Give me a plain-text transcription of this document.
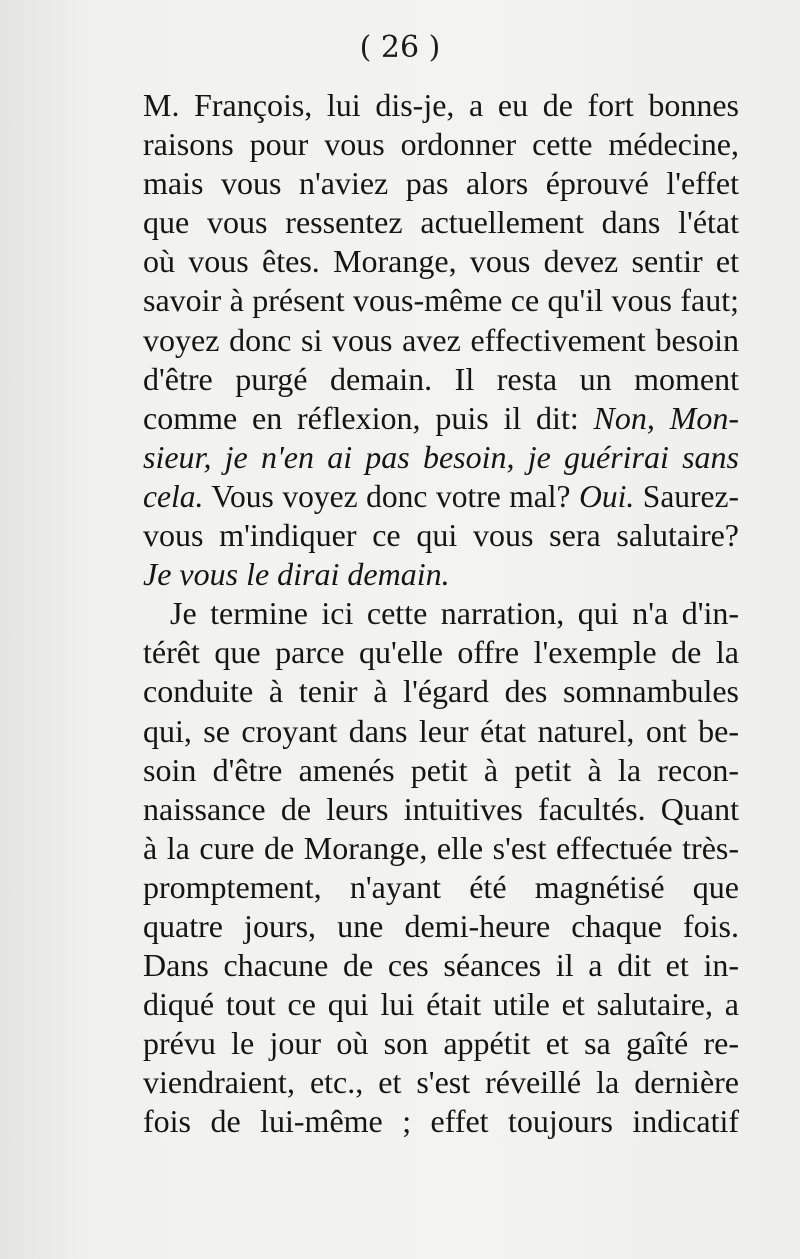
( 26 )
M. François, lui dis-je, a eu de fort bonnes
raisons pour vous ordonner cette médecine,
mais vous n'aviez pas alors éprouvé l'effet
que vous ressentez actuellement dans l'état
où vous êtes. Morange, vous devez sentir et
savoir à présent vous-même ce qu'il vous faut;
voyez donc si vous avez effectivement besoin
d'être purgé demain. Il resta un moment
comme en réflexion, puis il dit: Non, Mon-
sieur, je n'en ai pas besoin, je guérirai sans
cela. Vous voyez donc votre mal? Oui. Saurez-
vous m'indiquer ce qui vous sera salutaire?
Je vous le dirai demain.
Je termine ici cette narration, qui n'a d'in-
térêt que parce qu'elle offre l'exemple de la
conduite à tenir à l'égard des somnambules
qui, se croyant dans leur état naturel, ont be-
soin d'être amenés petit à petit à la recon-
naissance de leurs intuitives facultés. Quant
à la cure de Morange, elle s'est effectuée très-
promptement, n'ayant été magnétisé que
quatre jours, une demi-heure chaque fois.
Dans chacune de ces séances il a dit et in-
diqué tout ce qui lui était utile et salutaire, a
prévu le jour où son appétit et sa gaîté re-
viendraient, etc., et s'est réveillé la dernière
fois de lui-même ; effet toujours indicatif
